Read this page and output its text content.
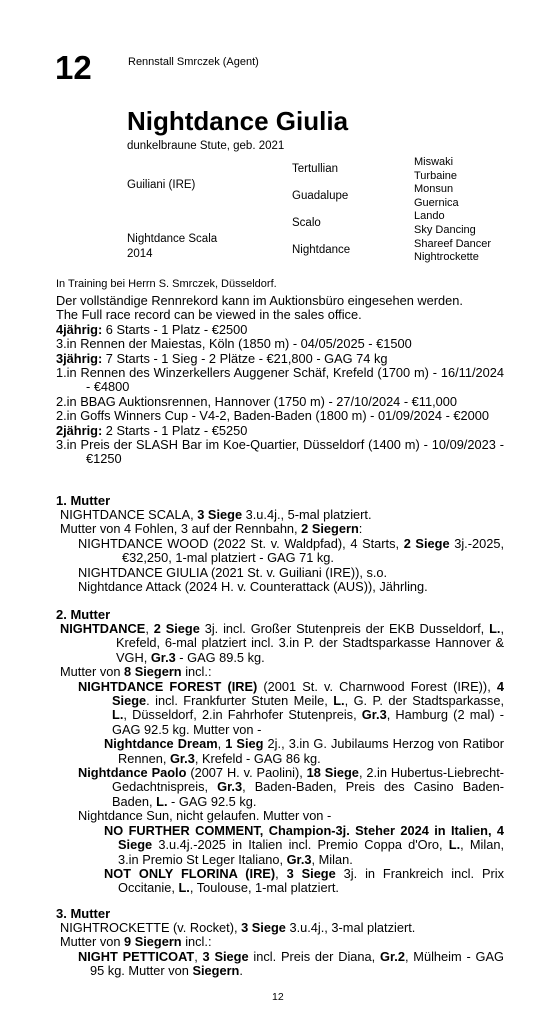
12	Rennstall Smrczek (Agent)
Nightdance Giulia
dunkelbraune Stute, geb. 2021
Guiliani (IRE)
Nightdance Scala
2014
Tertullian
Guadalupe
Scalo
Nightdance
Miswaki
Turbaine
Monsun
Guernica
Lando
Sky Dancing
Shareef Dancer
Nightrockette
In Training bei Herrn S. Smrczek, Düsseldorf.

Der vollständige Rennrekord kann im Auktionsbüro eingesehen werden.

The Full race record can be viewed in the sales office.

4jährig: 6 Starts - 1 Platz - €2500

3.in Rennen der Maiestas, Köln (1850 m) - 04/05/2025 - €1500

3jährig: 7 Starts - 1 Sieg - 2 Plätze - €21,800 - GAG 74 kg

1.in Rennen des Winzerkellers Auggener Schäf, Krefeld (1700 m) - 16/11/2024 - €4800

2.in BBAG Auktionsrennen, Hannover (1750 m) - 27/10/2024 - €11,000

2.in Goffs Winners Cup - V4-2, Baden-Baden (1800 m) - 01/09/2024 - €2000

2jährig: 2 Starts - 1 Platz - €5250

3.in Preis der SLASH Bar im Koe-Quartier, Düsseldorf (1400 m) - 10/09/2023 - €1250

1. Mutter

NIGHTDANCE SCALA, 3 Siege 3.u.4j., 5-mal platziert.

Mutter von 4 Fohlen, 3 auf der Rennbahn, 2 Siegern:

NIGHTDANCE WOOD (2022 St. v. Waldpfad), 4 Starts, 2 Siege 3j.-2025, €32,250, 1-mal platziert - GAG 71 kg.

NIGHTDANCE GIULIA (2021 St. v. Guiliani (IRE)), s.o.

Nightdance Attack (2024 H. v. Counterattack (AUS)), Jährling.

2. Mutter

NIGHTDANCE, 2 Siege 3j. incl. Großer Stutenpreis der EKB Dusseldorf, L., Krefeld, 6-mal platziert incl. 3.in P. der Stadtsparkasse Hannover & VGH, Gr.3 - GAG 89.5 kg.

Mutter von 8 Siegern incl.:

NIGHTDANCE FOREST (IRE) (2001 St. v. Charnwood Forest (IRE)), 4 Siege. incl. Frankfurter Stuten Meile, L., G. P. der Stadtsparkasse, L., Düsseldorf, 2.in Fahrhofer Stutenpreis, Gr.3, Hamburg (2 mal) - GAG 92.5 kg. Mutter von -

Nightdance Dream, 1 Sieg 2j., 3.in G. Jubilaums Herzog von Ratibor Rennen, Gr.3, Krefeld - GAG 86 kg.

Nightdance Paolo (2007 H. v. Paolini), 18 Siege, 2.in Hubertus-Liebrecht-Gedachtnispreis, Gr.3, Baden-Baden, Preis des Casino Baden-Baden, L. - GAG 92.5 kg.

Nightdance Sun, nicht gelaufen. Mutter von -

NO FURTHER COMMENT, Champion-3j. Steher 2024 in Italien, 4 Siege 3.u.4j.-2025 in Italien incl. Premio Coppa d'Oro, L., Milan, 3.in Premio St Leger Italiano, Gr.3, Milan.

NOT ONLY FLORINA (IRE), 3 Siege 3j. in Frankreich incl. Prix Occitanie, L., Toulouse, 1-mal platziert.

3. Mutter

NIGHTROCKETTE (v. Rocket), 3 Siege 3.u.4j., 3-mal platziert.

Mutter von 9 Siegern incl.:

NIGHT PETTICOAT, 3 Siege incl. Preis der Diana, Gr.2, Mülheim - GAG 95 kg. Mutter von Siegern.

12
